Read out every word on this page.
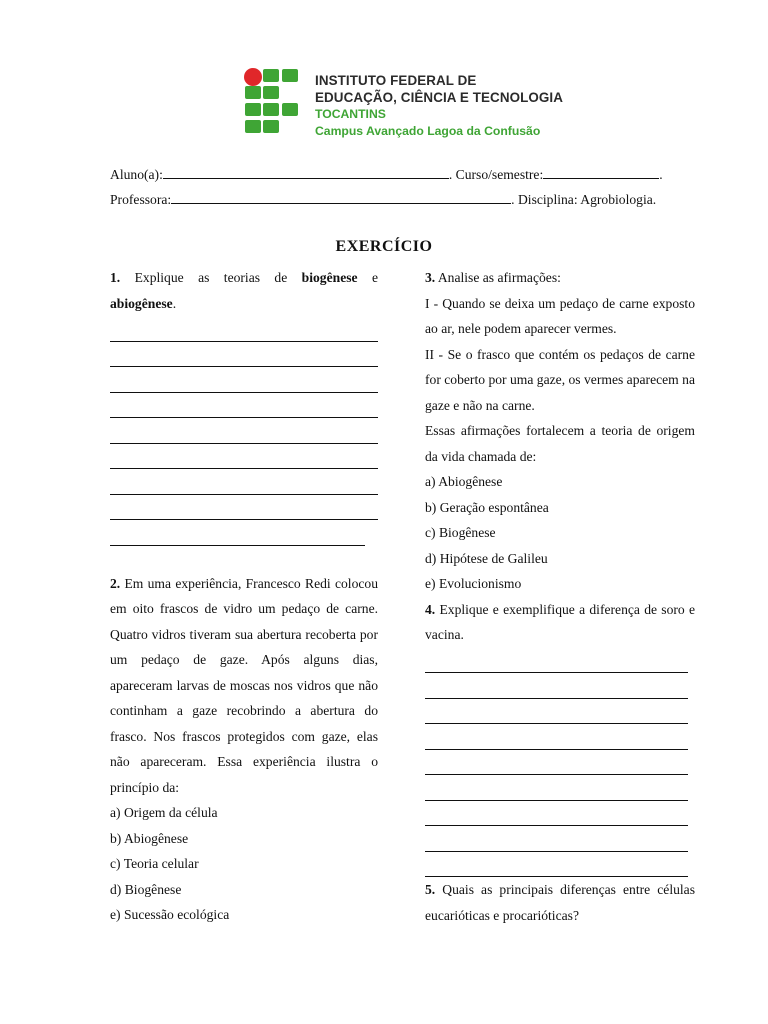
INSTITUTO FEDERAL DE
EDUCAÇÃO, CIÊNCIA E TECNOLOGIA
TOCANTINS
Campus Avançado Lagoa da Confusão
Aluno(a):	. Curso/semestre:	.
Professora:	. Disciplina: Agrobiologia.
EXERCÍCIO

1. Explique as teorias de biogênese e abiogênese.

2. Em uma experiência, Francesco Redi colocou em oito frascos de vidro um pedaço de carne. Quatro vidros tiveram sua abertura recoberta por um pedaço de gaze. Após alguns dias, apareceram larvas de moscas nos vidros que não continham a gaze recobrindo a abertura do frasco. Nos frascos protegidos com gaze, elas não apareceram. Essa experiência ilustra o princípio da:

a) Origem da célula
b) Abiogênese
c) Teoria celular
d) Biogênese
e) Sucessão ecológica

3. Analise as afirmações:

I - Quando se deixa um pedaço de carne exposto ao ar, nele podem aparecer vermes.

II - Se o frasco que contém os pedaços de carne for coberto por uma gaze, os vermes aparecem na gaze e não na carne.

Essas afirmações fortalecem a teoria de origem da vida chamada de:

a) Abiogênese
b) Geração espontânea
c) Biogênese
d) Hipótese de Galileu
e) Evolucionismo

4. Explique e exemplifique a diferença de soro e vacina.

5. Quais as principais diferenças entre células eucarióticas e procarióticas?
